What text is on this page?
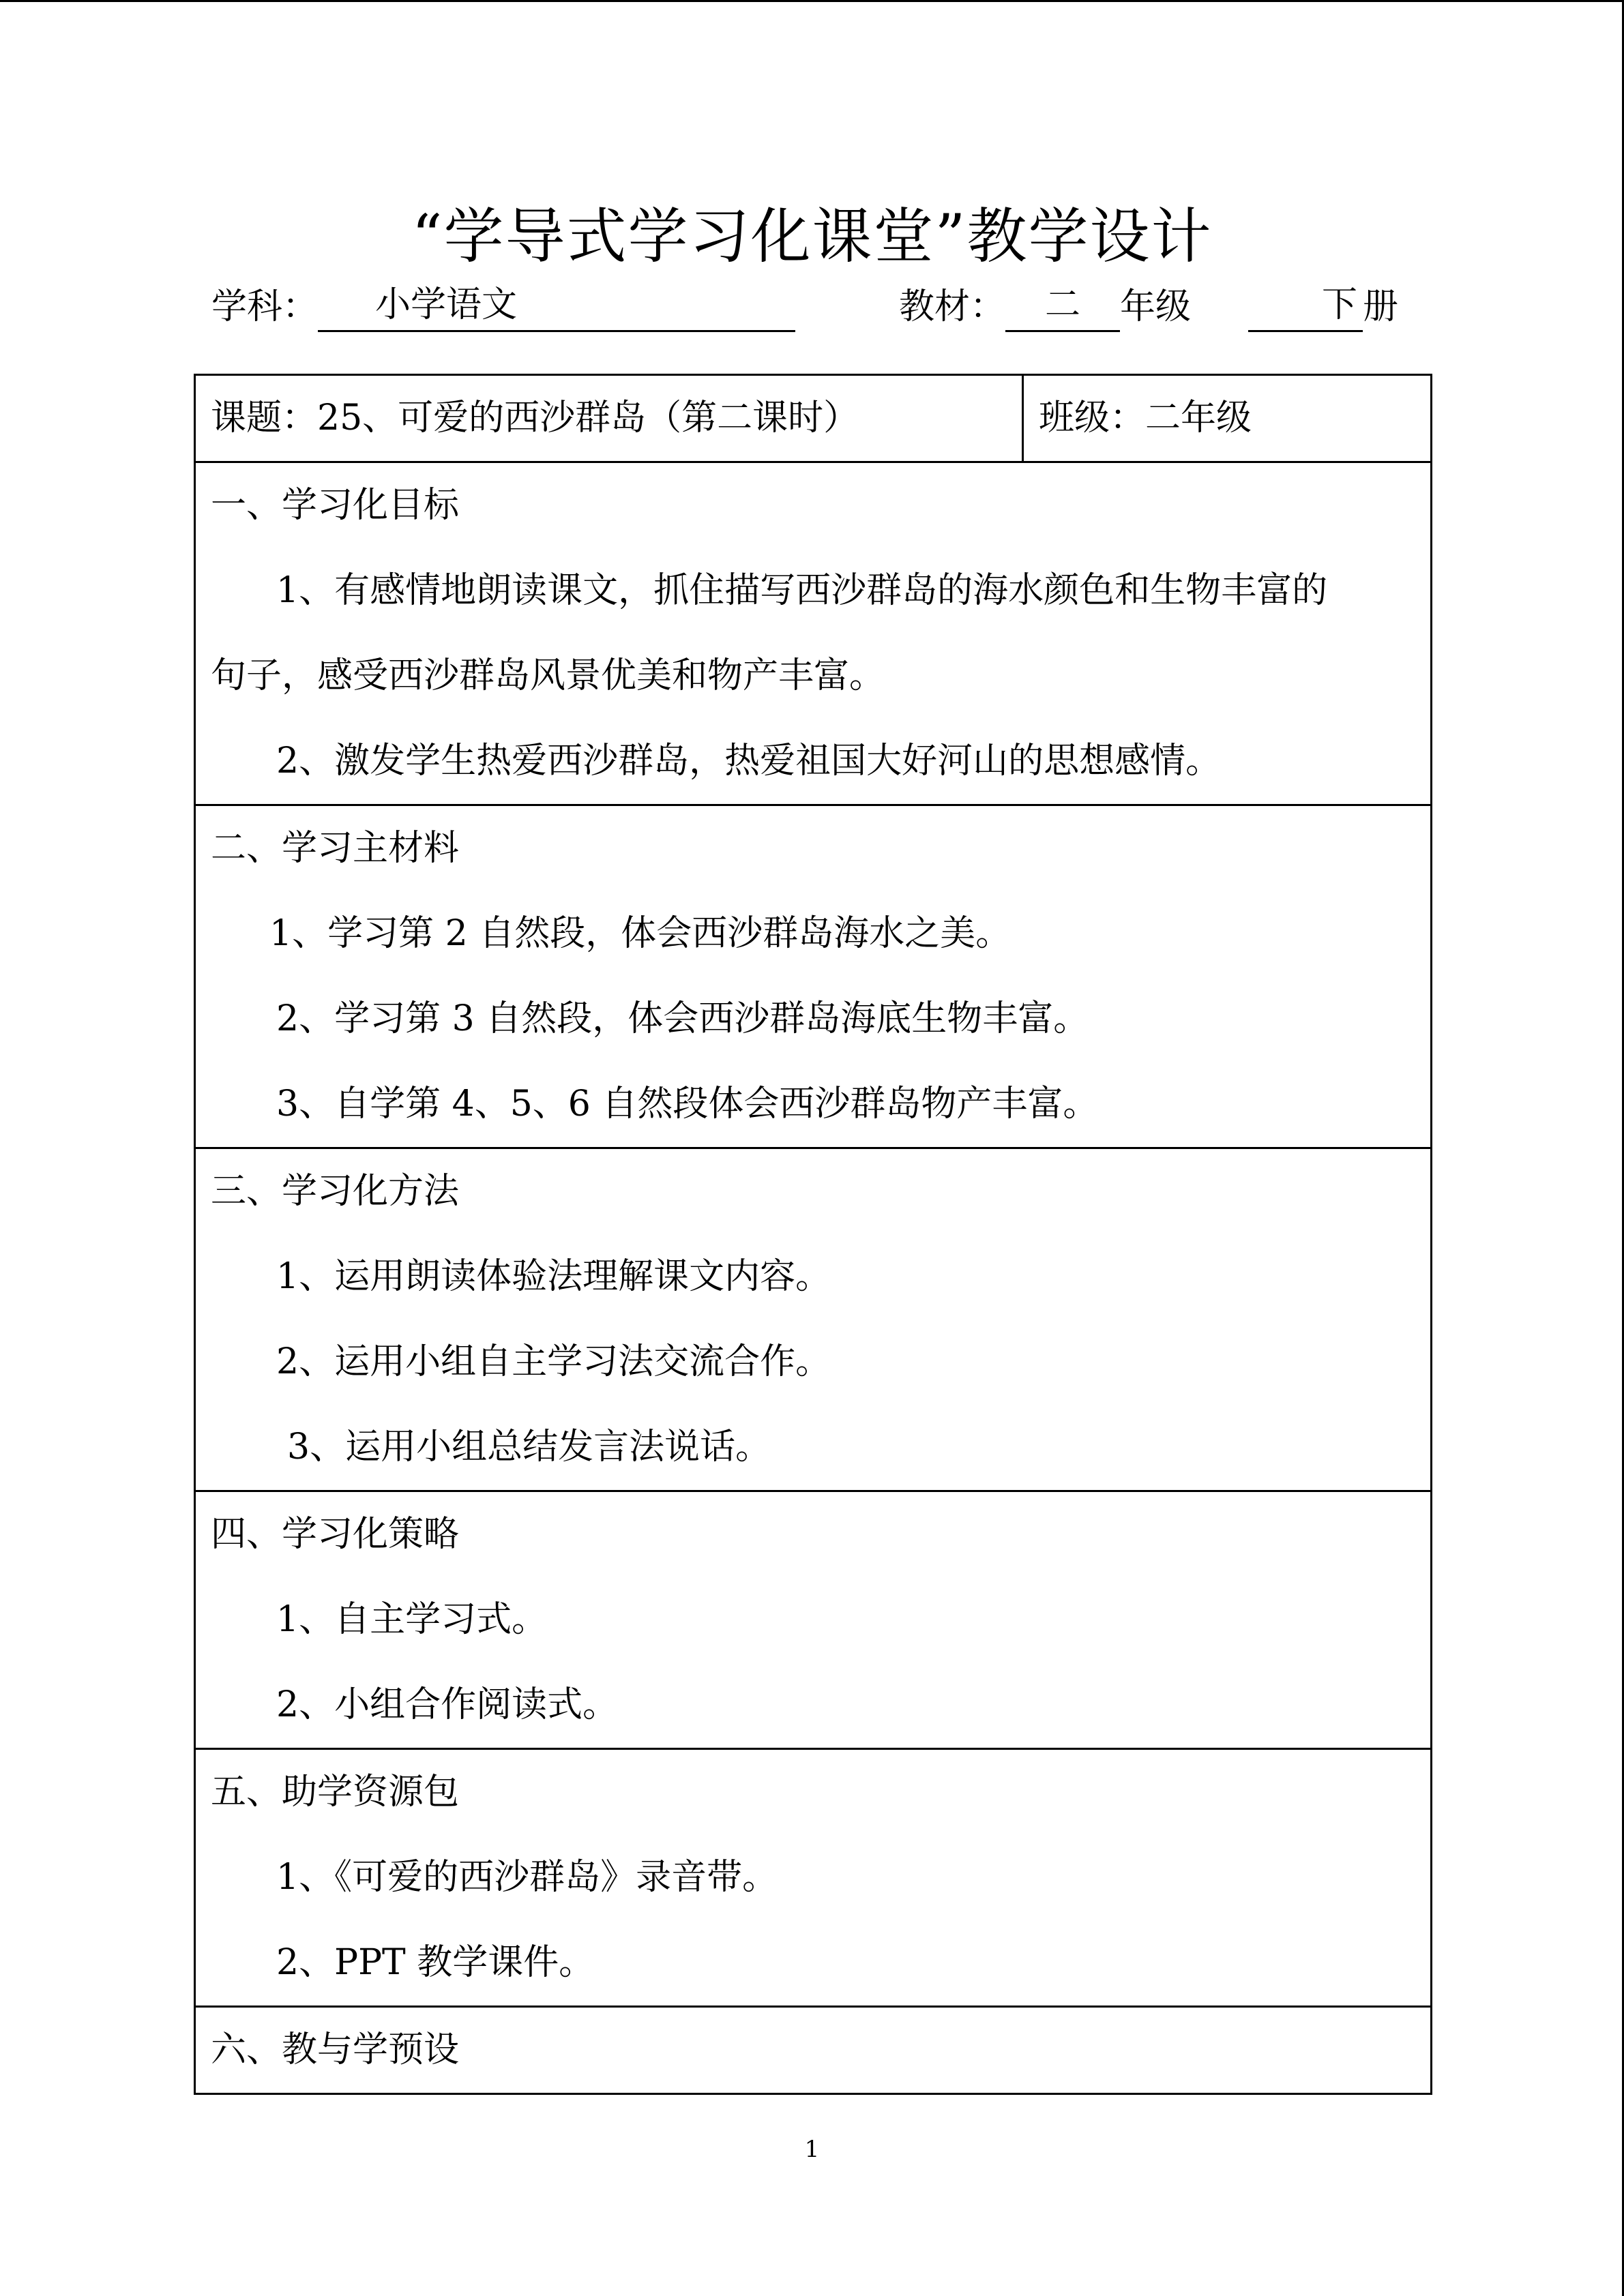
“学导式学习化课堂”教学设计
学科： 小学语文	教材： 二 年级	下 册
课题：25、可爱的西沙群岛（第二课时）	班级：二年级

一、学习化目标
1、有感情地朗读课文，抓住描写西沙群岛的海水颜色和生物丰富的
句子，感受西沙群岛风景优美和物产丰富。
2、激发学生热爱西沙群岛，热爱祖国大好河山的思想感情。

二、学习主材料
1、学习第 2 自然段，体会西沙群岛海水之美。
2、学习第 3 自然段，体会西沙群岛海底生物丰富。
3、自学第 4、5、6 自然段体会西沙群岛物产丰富。

三、学习化方法
1、运用朗读体验法理解课文内容。
2、运用小组自主学习法交流合作。
3、运用小组总结发言法说话。

四、学习化策略
1、自主学习式。
2、小组合作阅读式。

五、助学资源包
1、《可爱的西沙群岛》录音带。
2、PPT 教学课件。

六、教与学预设
1
